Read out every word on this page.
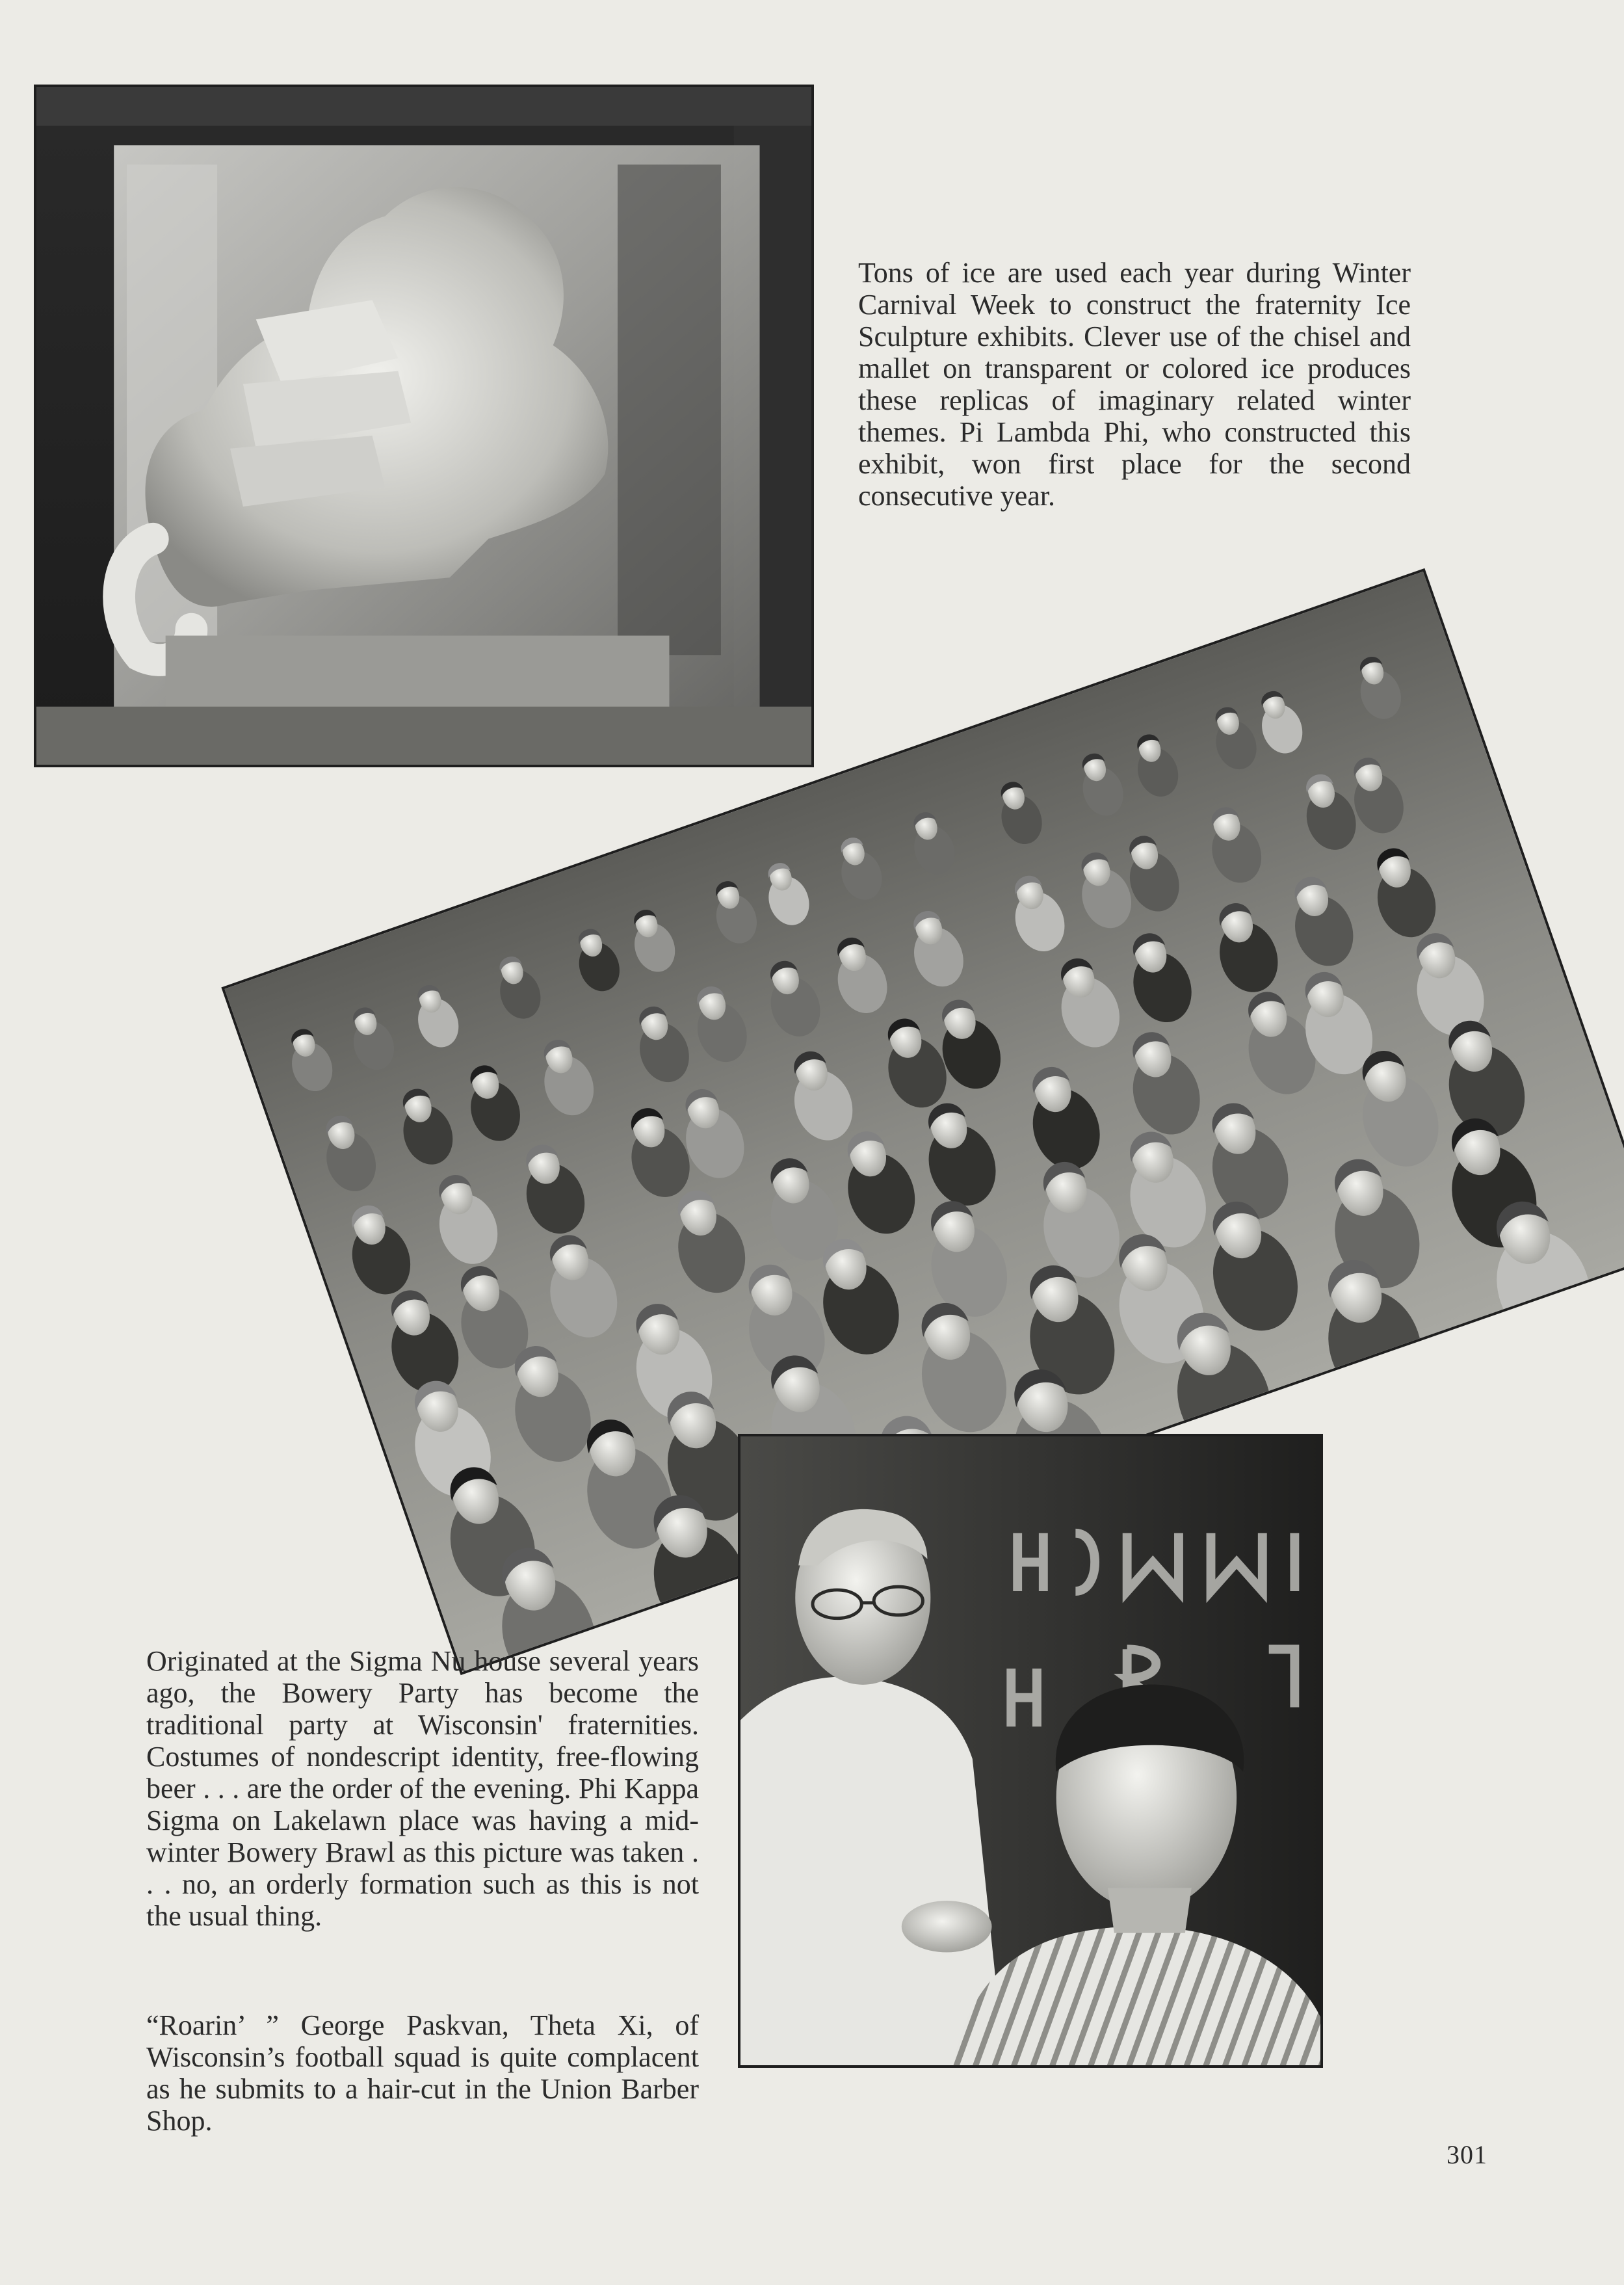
Tons of ice are used each year during Winter Carnival Week to construct the fraternity Ice Sculpture exhibits. Clever use of the chisel and mallet on transparent or colored ice produces these replicas of imaginary related winter themes. Pi Lambda Phi, who constructed this exhibit, won first place for the second consecutive year.

Originated at the Sigma Nu house several years ago, the Bowery Party has become the traditional party at Wisconsin' fraternities. Costumes of nondescript identity, free-flowing beer . . . are the order of the evening. Phi Kappa Sigma on Lakelawn place was having a mid-winter Bowery Brawl as this picture was taken . . . no, an orderly formation such as this is not the usual thing.

“Roarin’ ” George Paskvan, Theta Xi, of Wisconsin’s football squad is quite complacent as he submits to a hair-cut in the Union Barber Shop.

301
